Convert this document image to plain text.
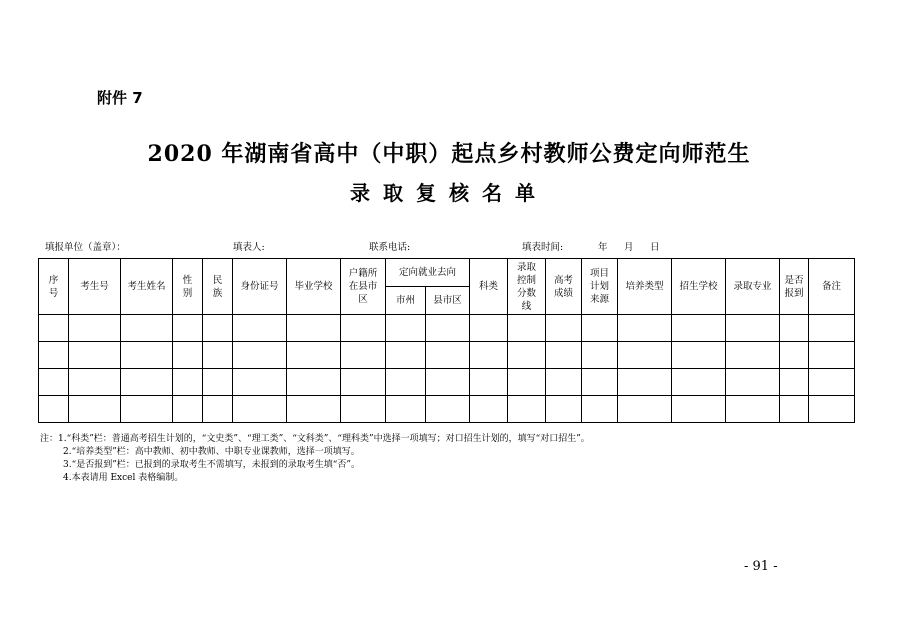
附件 7
2020 年湖南省高中（中职）起点乡村教师公费定向师范生
录取复核名单
填报单位（盖章）：	填表人:	联系电话:	填表时间:	年 月 日
序号	考生号	考生姓名	性别	民族	身份证号	毕业学校	户籍所在县市区	定向就业去向		科类	录取控制分数线	高考成绩	项目计划来源	培养类型	招生学校	录取专业	是否报到	备注
								市州	县市区									

注：1.“科类”栏：普通高考招生计划的，“文史类”、“理工类”、“文科类”、“理科类”中选择一项填写；对口招生计划的，填写“对口招生”。
2.“培养类型”栏：高中教师、初中教师、中职专业课教师，选择一项填写。
3.“是否报到”栏：已报到的录取考生不需填写，未报到的录取考生填“否”。
4.本表请用 Excel 表格编制。
- 91 -
